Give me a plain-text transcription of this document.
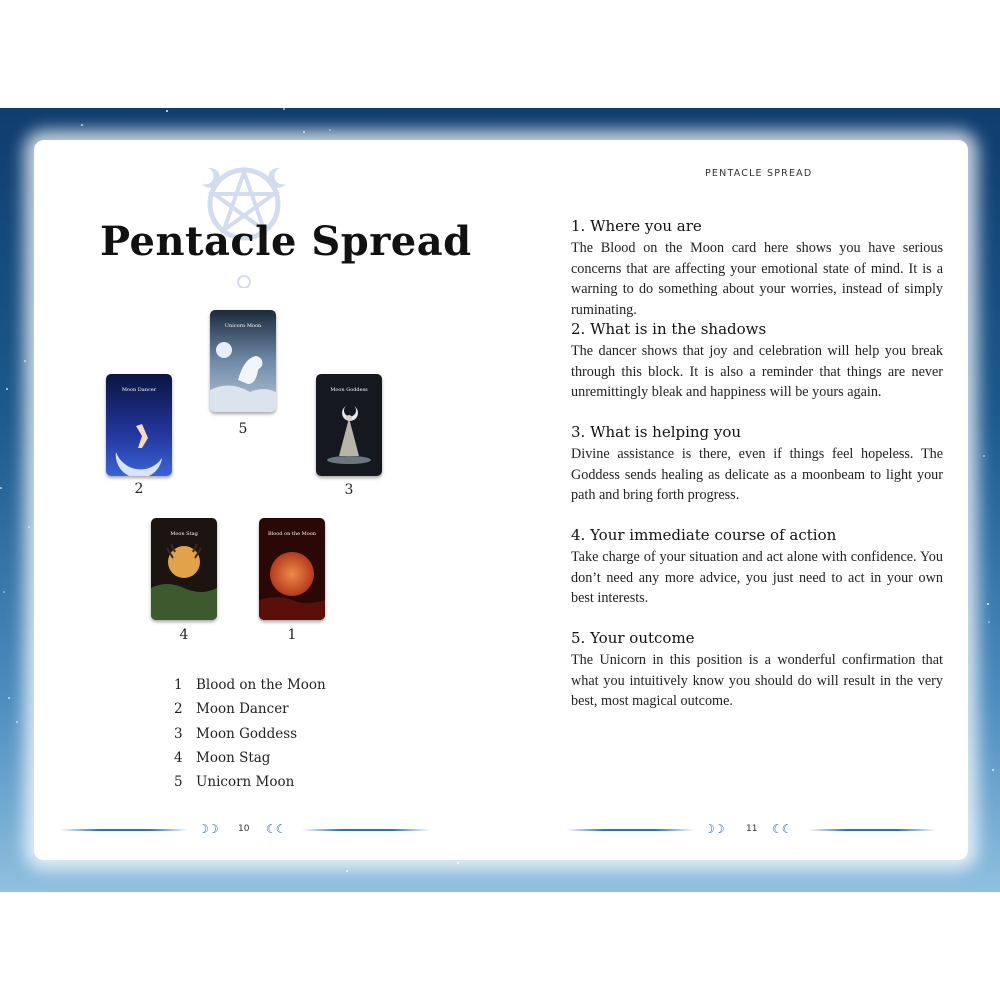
Pentacle Spread
Unicorn Moon
5
Moon Dancer
2
Moon Goddess
3
Moon Stag
4
Blood on the Moon
1
1 Blood on the Moon
2 Moon Dancer
3 Moon Goddess
4 Moon Stag
5 Unicorn Moon
☽☽ 10 ☾☾
PENTACLE SPREAD
1. Where you are

The Blood on the Moon card here shows you have serious concerns that are affecting your emotional state of mind. It is a warning to do something about your worries, instead of simply ruminating.

2. What is in the shadows

The dancer shows that joy and celebration will help you break through this block. It is also a reminder that things are never unremittingly bleak and happiness will be yours again.

3. What is helping you

Divine assistance is there, even if things feel hopeless. The Goddess sends healing as delicate as a moonbeam to light your path and bring forth progress.

4. Your immediate course of action

Take charge of your situation and act alone with confidence. You don’t need any more advice, you just need to act in your own best interests.

5. Your outcome

The Unicorn in this position is a wonderful confirmation that what you intuitively know you should do will result in the very best, most magical outcome.

☽☽ 11 ☾☾
